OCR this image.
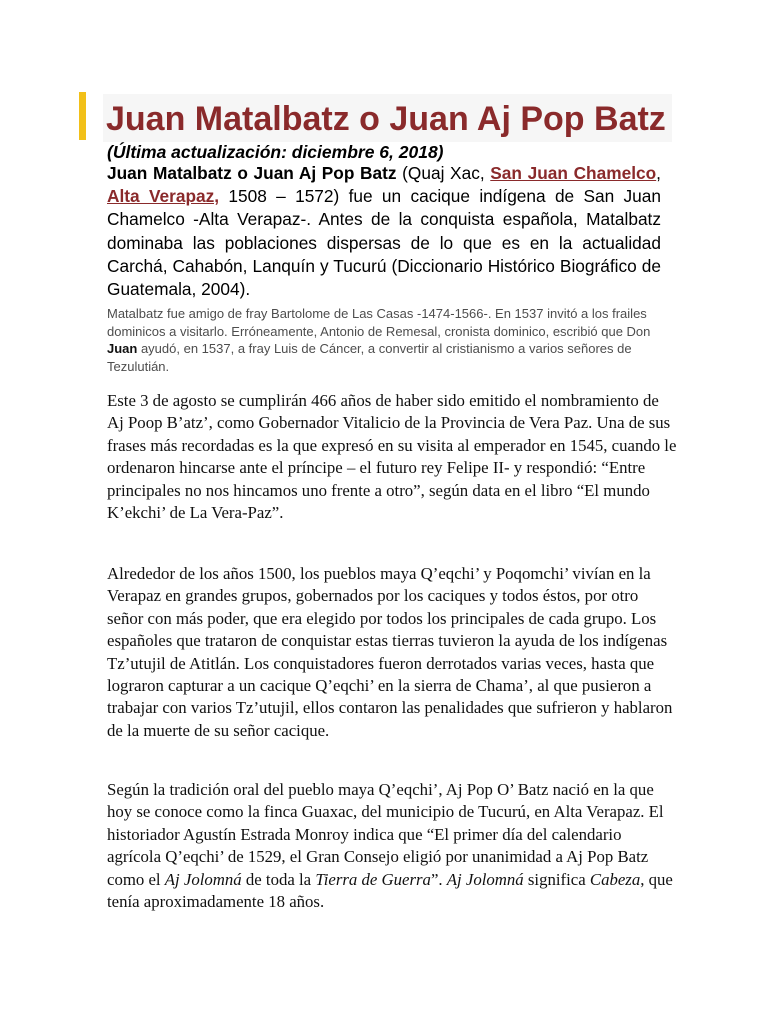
Juan Matalbatz o Juan Aj Pop Batz

(Última actualización: diciembre 6, 2018)

Juan Matalbatz o Juan Aj Pop Batz (Quaj Xac, San Juan Chamelco, Alta Verapaz, 1508 – 1572) fue un cacique indígena de San Juan Chamelco -Alta Verapaz-. Antes de la conquista española, Matalbatz dominaba las poblaciones dispersas de lo que es en la actualidad Carchá, Cahabón, Lanquín y Tucurú (Diccionario Histórico Biográfico de Guatemala, 2004).

Matalbatz fue amigo de fray Bartolome de Las Casas -1474-1566-. En 1537 invitó a los frailes dominicos a visitarlo. Erróneamente, Antonio de Remesal, cronista dominico, escribió que Don Juan ayudó, en 1537, a fray Luis de Cáncer, a convertir al cristianismo a varios señores de Tezulutián.

Este 3 de agosto se cumplirán 466 años de haber sido emitido el nombramiento de Aj Poop B’atz’, como Gobernador Vitalicio de la Provincia de Vera Paz. Una de sus frases más recordadas es la que expresó en su visita al emperador en 1545, cuando le ordenaron hincarse ante el príncipe – el futuro rey Felipe II- y respondió: “Entre principales no nos hincamos uno frente a otro”, según data en el libro “El mundo K’ekchi’ de La Vera-Paz”.

Alrededor de los años 1500, los pueblos maya Q’eqchi’ y Poqomchi’ vivían en la Verapaz en grandes grupos, gobernados por los caciques y todos éstos, por otro señor con más poder, que era elegido por todos los principales de cada grupo. Los españoles que trataron de conquistar estas tierras tuvieron la ayuda de los indígenas Tz’utujil de Atitlán. Los conquistadores fueron derrotados varias veces, hasta que lograron capturar a un cacique Q’eqchi’ en la sierra de Chama’, al que pusieron a trabajar con varios Tz’utujil, ellos contaron las penalidades que sufrieron y hablaron de la muerte de su señor cacique.

Según la tradición oral del pueblo maya Q’eqchi’, Aj Pop O’ Batz nació en la que hoy se conoce como la finca Guaxac, del municipio de Tucurú, en Alta Verapaz. El historiador Agustín Estrada Monroy indica que “El primer día del calendario agrícola Q’eqchi’ de 1529, el Gran Consejo eligió por unanimidad a Aj Pop Batz como el Aj Jolomná de toda la Tierra de Guerra”. Aj Jolomná significa Cabeza, que tenía aproximadamente 18 años.
